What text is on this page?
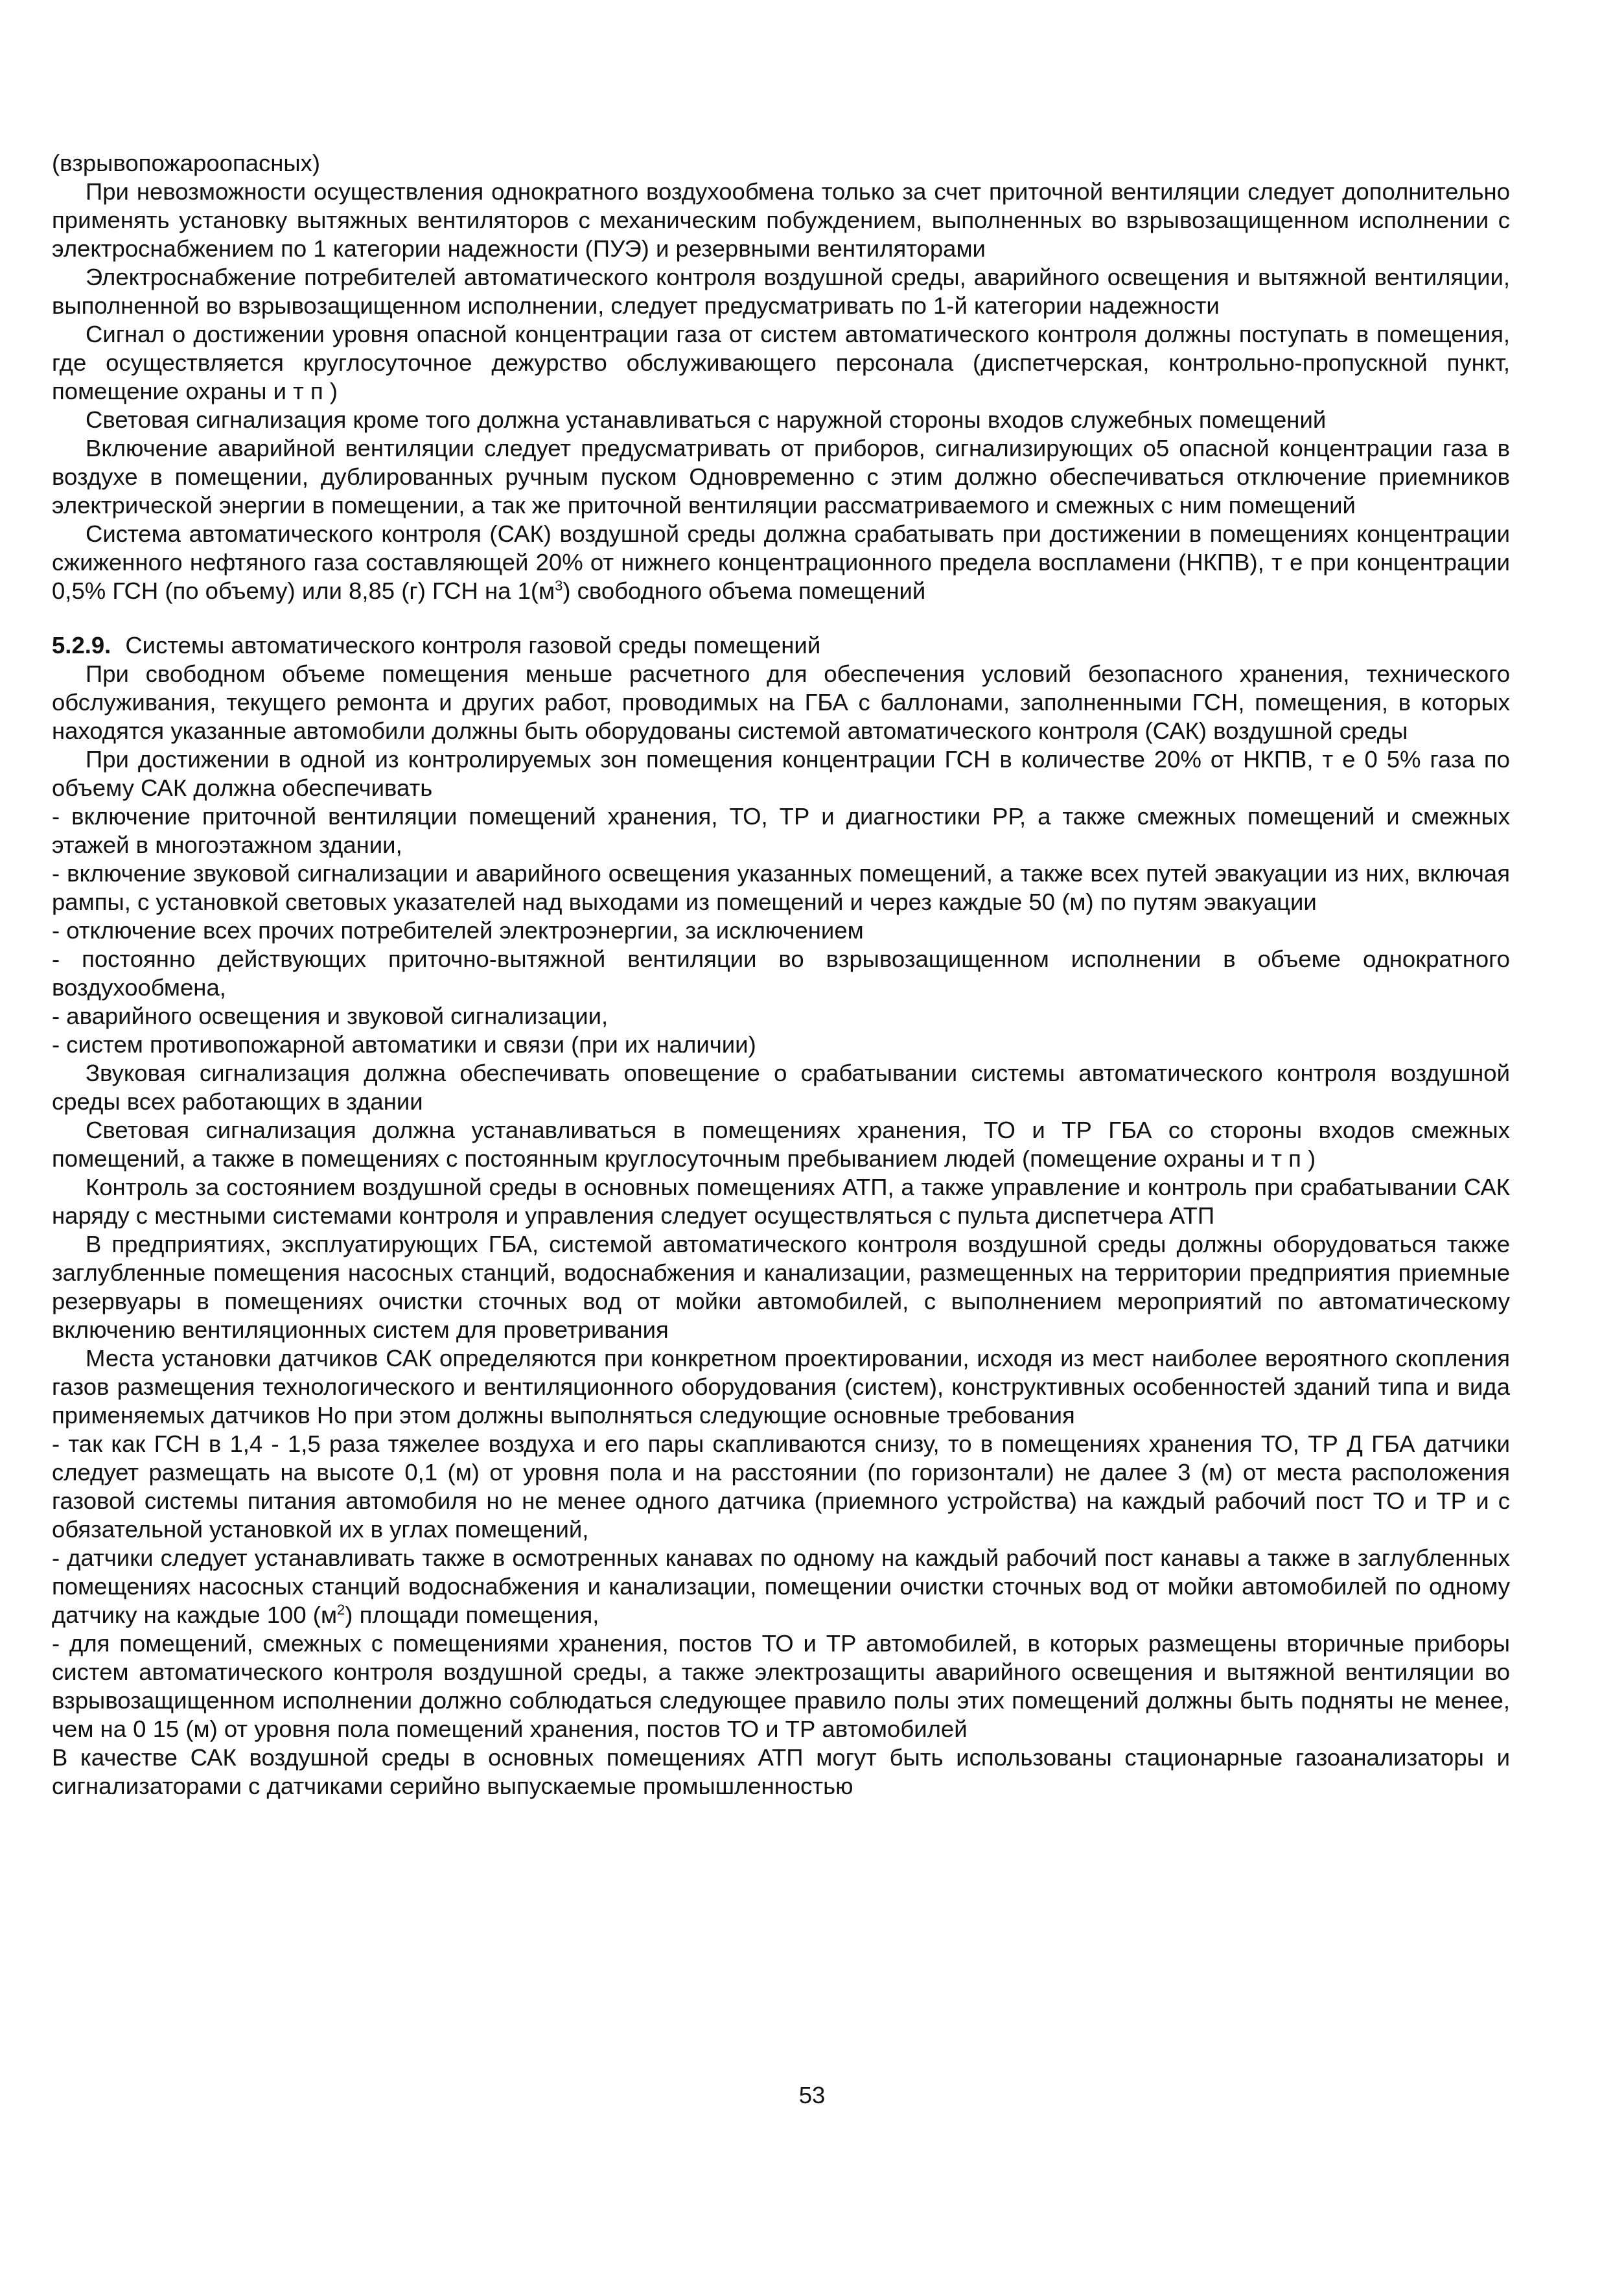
(взрывопожароопасных)

При невозможности осуществления однократного воздухообмена только за счет приточной вентиляции следует дополнительно применять установку вытяжных вентиляторов с механическим побуждением, выполненных во взрывозащищенном исполнении с электроснабжением по 1 категории надежности (ПУЭ) и резервными вентиляторами

Электроснабжение потребителей автоматического контроля воздушной среды, аварийного освещения и вытяжной вентиляции, выполненной во взрывозащищенном исполнении, следует предусматривать по 1-й категории надежности

Сигнал о достижении уровня опасной концентрации газа от систем автоматического контроля должны поступать в помещения, где осуществляется круглосуточное дежурство обслуживающего персонала (диспетчерская, контрольно-пропускной пункт, помещение охраны и т п )

Световая сигнализация кроме того должна устанавливаться с наружной стороны входов служебных помещений

Включение аварийной вентиляции следует предусматривать от приборов, сигнализирующих о5 опасной концентрации газа в воздухе в помещении, дублированных ручным пуском Одновременно с этим должно обеспечиваться отключение приемников электрической энергии в помещении, а так же приточной вентиляции рассматриваемого и смежных с ним помещений

Система автоматического контроля (САК) воздушной среды должна срабатывать при достижении в помещениях концентрации сжиженного нефтяного газа составляющей 20% от нижнего концентрационного предела воспламени (НКПВ), т е при концентрации 0,5% ГСН (по объему) или 8,85 (г) ГСН на $1(м^3)$ свободного объема помещений

5.2.9. Системы автоматического контроля газовой среды помещений

При свободном объеме помещения меньше расчетного для обеспечения условий безопасного хранения, технического обслуживания, текущего ремонта и других работ, проводимых на ГБА с баллонами, заполненными ГСН, помещения, в которых находятся указанные автомобили должны быть оборудованы системой автоматического контроля (САК) воздушной среды

При достижении в одной из контролируемых зон помещения концентрации ГСН в количестве 20% от НКПВ, т е 0 5% газа по объему САК должна обеспечивать

- включение приточной вентиляции помещений хранения, ТО, ТР и диагностики РР, а также смежных помещений и смежных этажей в многоэтажном здании,

- включение звуковой сигнализации и аварийного освещения указанных помещений, а также всех путей эвакуации из них, включая рампы, с установкой световых указателей над выходами из помещений и через каждые 50 (м) по путям эвакуации

- отключение всех прочих потребителей электроэнергии, за исключением

- постоянно действующих приточно-вытяжной вентиляции во взрывозащищенном исполнении в объеме однократного воздухообмена,

- аварийного освещения и звуковой сигнализации,

- систем противопожарной автоматики и связи (при их наличии)

Звуковая сигнализация должна обеспечивать оповещение о срабатывании системы автоматического контроля воздушной среды всех работающих в здании

Световая сигнализация должна устанавливаться в помещениях хранения, ТО и ТР ГБА со стороны входов смежных помещений, а также в помещениях с постоянным круглосуточным пребыванием людей (помещение охраны и т п )

Контроль за состоянием воздушной среды в основных помещениях АТП, а также управление и контроль при срабатывании САК наряду с местными системами контроля и управления следует осуществляться с пульта диспетчера АТП

В предприятиях, эксплуатирующих ГБА, системой автоматического контроля воздушной среды должны оборудоваться также заглубленные помещения насосных станций, водоснабжения и канализации, размещенных на территории предприятия приемные резервуары в помещениях очистки сточных вод от мойки автомобилей, с выполнением мероприятий по автоматическому включению вентиляционных систем для проветривания

Места установки датчиков САК определяются при конкретном проектировании, исходя из мест наиболее вероятного скопления газов размещения технологического и вентиляционного оборудования (систем), конструктивных особенностей зданий типа и вида применяемых датчиков Но при этом должны выполняться следующие основные требования

- так как ГСН в 1,4 - 1,5 раза тяжелее воздуха и его пары скапливаются снизу, то в помещениях хранения ТО, ТР Д ГБА датчики следует размещать на высоте 0,1 (м) от уровня пола и на расстоянии (по горизонтали) не далее 3 (м) от места расположения газовой системы питания автомобиля но не менее одного датчика (приемного устройства) на каждый рабочий пост ТО и ТР и с обязательной установкой их в углах помещений,

- датчики следует устанавливать также в осмотренных канавах по одному на каждый рабочий пост канавы а также в заглубленных помещениях насосных станций водоснабжения и канализации, помещении очистки сточных вод от мойки автомобилей по одному датчику на каждые 100 $(м^2)$ площади помещения,

- для помещений, смежных с помещениями хранения, постов ТО и ТР автомобилей, в которых размещены вторичные приборы систем автоматического контроля воздушной среды, а также электрозащиты аварийного освещения и вытяжной вентиляции во взрывозащищенном исполнении должно соблюдаться следующее правило полы этих помещений должны быть подняты не менее, чем на 0 15 (м) от уровня пола помещений хранения, постов ТО и ТР автомобилей

В качестве САК воздушной среды в основных помещениях АТП могут быть использованы стационарные газоанализаторы и сигнализаторами с датчиками серийно выпускаемые промышленностью

53
